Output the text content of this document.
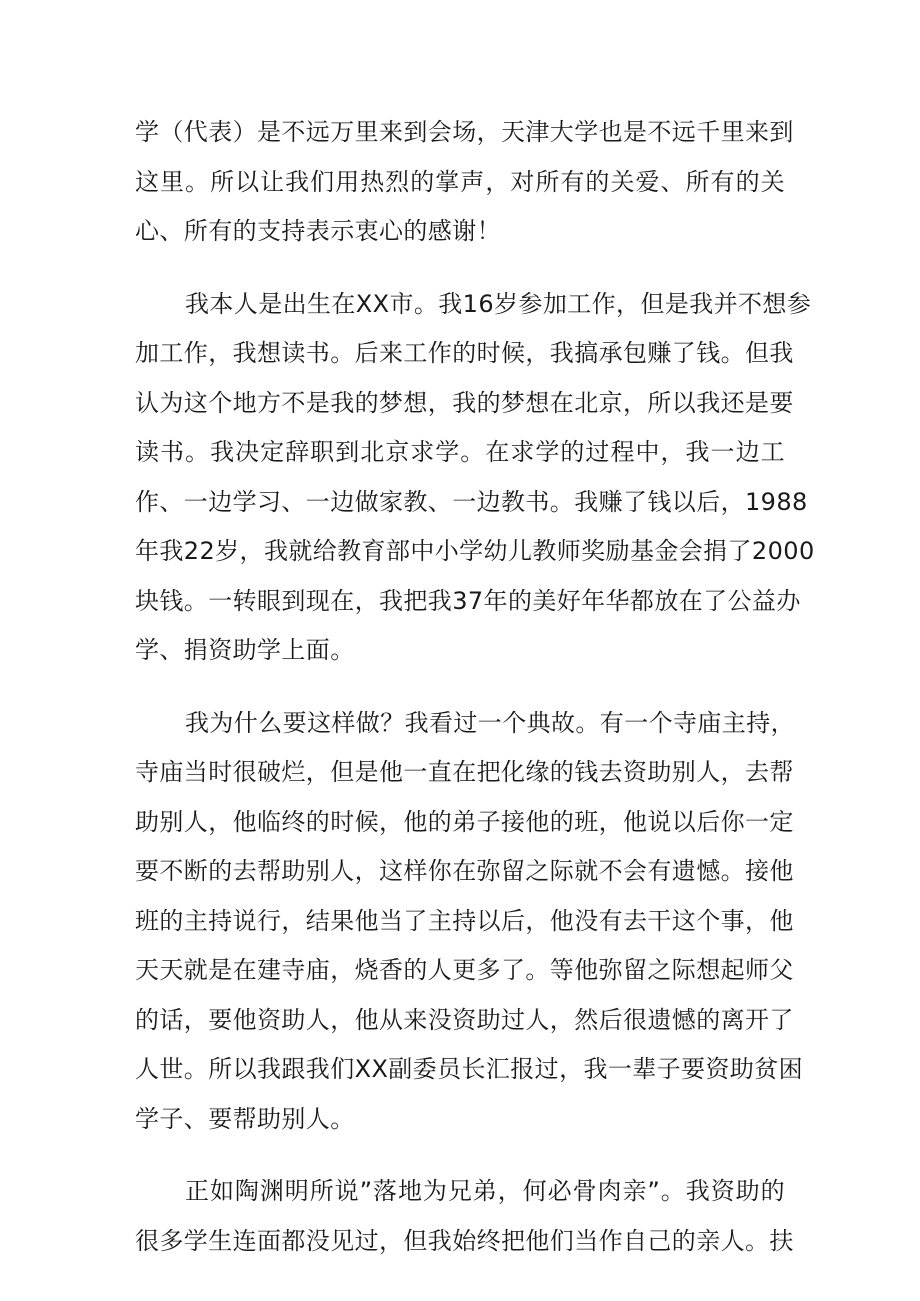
学（代表）是不远万里来到会场，天津大学也是不远千里来到
这里。所以让我们用热烈的掌声，对所有的关爱、所有的关
心、所有的支持表示衷心的感谢！
我本人是出生在XX市。我16岁参加工作，但是我并不想参
加工作，我想读书。后来工作的时候，我搞承包赚了钱。但我
认为这个地方不是我的梦想，我的梦想在北京，所以我还是要
读书。我决定辞职到北京求学。在求学的过程中，我一边工
作、一边学习、一边做家教、一边教书。我赚了钱以后，1988
年我22岁，我就给教育部中小学幼儿教师奖励基金会捐了2000
块钱。一转眼到现在，我把我37年的美好年华都放在了公益办
学、捐资助学上面。
我为什么要这样做？我看过一个典故。有一个寺庙主持，
寺庙当时很破烂，但是他一直在把化缘的钱去资助别人，去帮
助别人，他临终的时候，他的弟子接他的班，他说以后你一定
要不断的去帮助别人，这样你在弥留之际就不会有遗憾。接他
班的主持说行，结果他当了主持以后，他没有去干这个事，他
天天就是在建寺庙，烧香的人更多了。等他弥留之际想起师父
的话，要他资助人，他从来没资助过人，然后很遗憾的离开了
人世。所以我跟我们XX副委员长汇报过，我一辈子要资助贫困
学子、要帮助别人。
正如陶渊明所说”落地为兄弟，何必骨肉亲”。我资助的
很多学生连面都没见过，但我始终把他们当作自己的亲人。扶
